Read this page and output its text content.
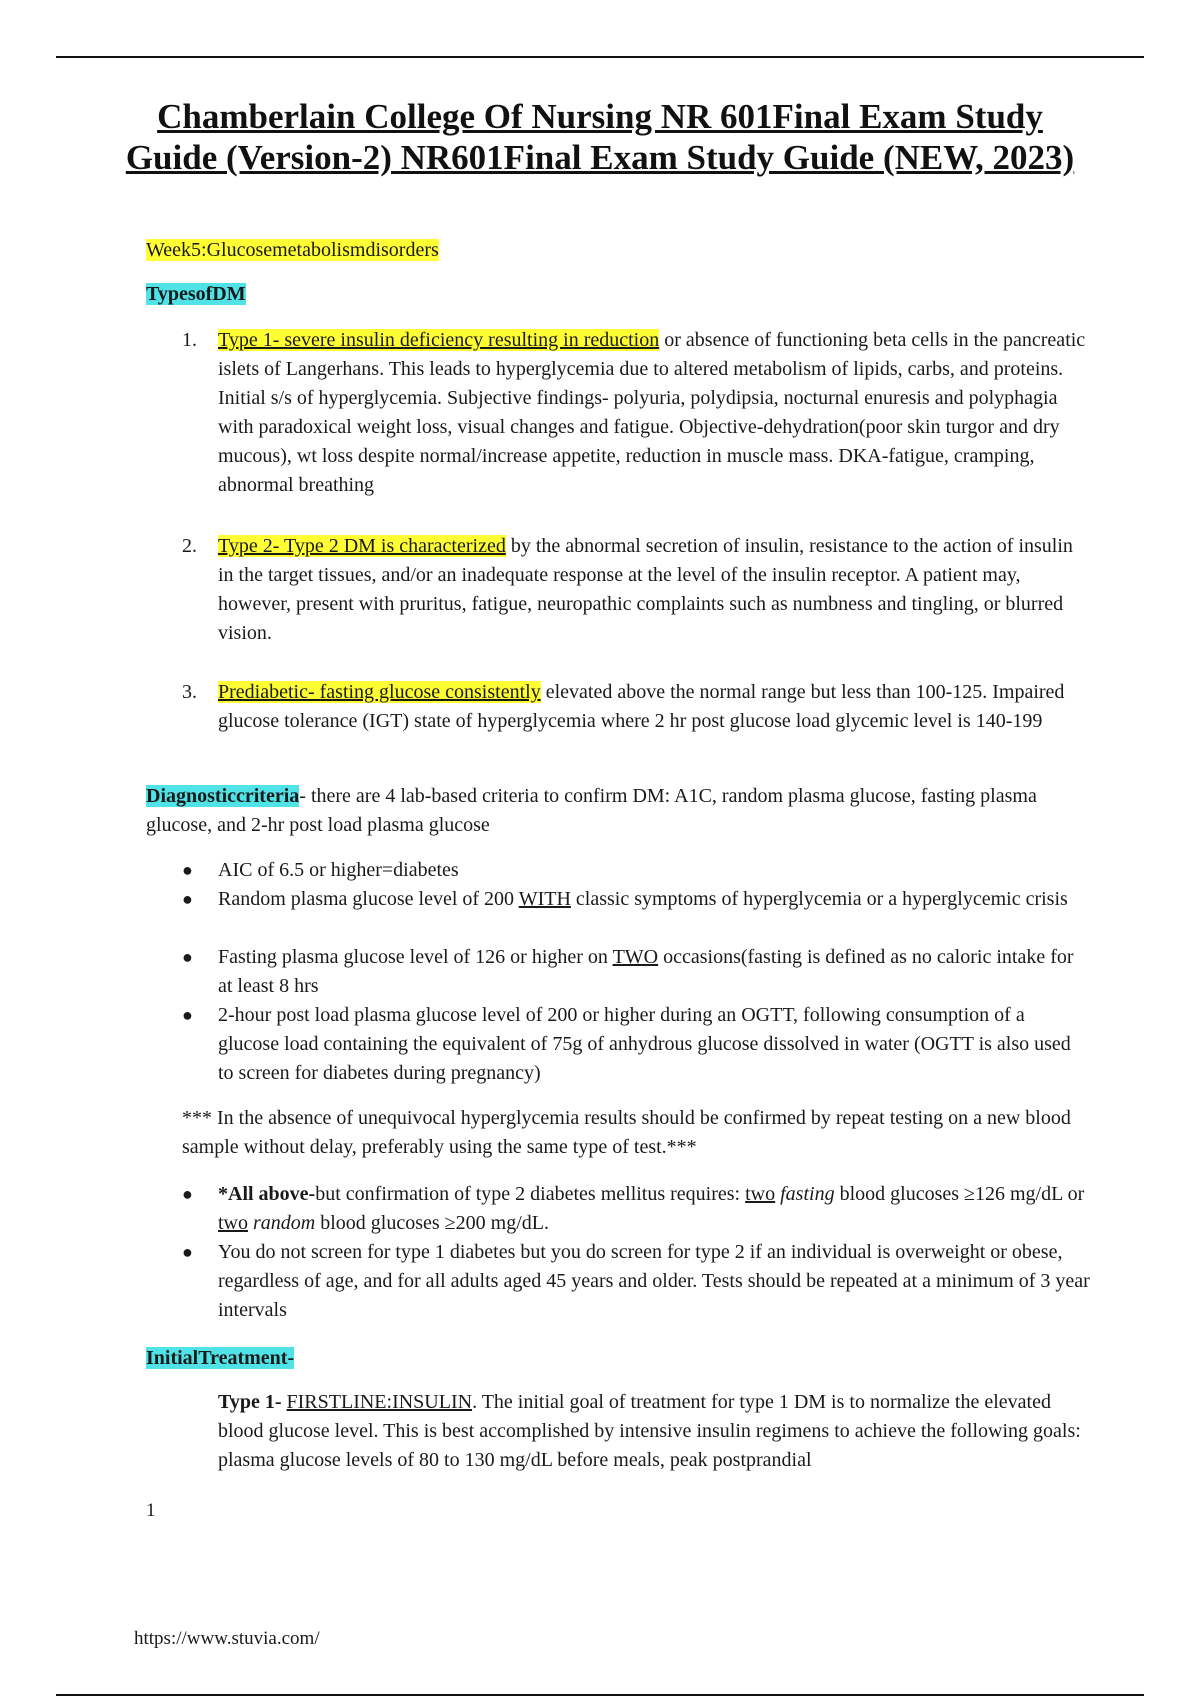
Chamberlain College Of Nursing NR 601Final Exam Study Guide (Version-2) NR601Final Exam Study Guide (NEW, 2023)
Week5:Glucosemetabolismdisorders
TypesofDM
1. Type 1- severe insulin deficiency resulting in reduction or absence of functioning beta cells in the pancreatic islets of Langerhans. This leads to hyperglycemia due to altered metabolism of lipids, carbs, and proteins. Initial s/s of hyperglycemia. Subjective findings- polyuria, polydipsia, nocturnal enuresis and polyphagia with paradoxical weight loss, visual changes and fatigue. Objective-dehydration(poor skin turgor and dry mucous), wt loss despite normal/increase appetite, reduction in muscle mass. DKA-fatigue, cramping, abnormal breathing
2. Type 2- Type 2 DM is characterized by the abnormal secretion of insulin, resistance to the action of insulin in the target tissues, and/or an inadequate response at the level of the insulin receptor. A patient may, however, present with pruritus, fatigue, neuropathic complaints such as numbness and tingling, or blurred vision.
3. Prediabetic- fasting glucose consistently elevated above the normal range but less than 100-125. Impaired glucose tolerance (IGT) state of hyperglycemia where 2 hr post glucose load glycemic level is 140-199
Diagnosticcriteria- there are 4 lab-based criteria to confirm DM: A1C, random plasma glucose, fasting plasma glucose, and 2-hr post load plasma glucose
● AIC of 6.5 or higher=diabetes
● Random plasma glucose level of 200 WITH classic symptoms of hyperglycemia or a hyperglycemic crisis
● Fasting plasma glucose level of 126 or higher on TWO occasions(fasting is defined as no caloric intake for at least 8 hrs
● 2-hour post load plasma glucose level of 200 or higher during an OGTT, following consumption of a glucose load containing the equivalent of 75g of anhydrous glucose dissolved in water (OGTT is also used to screen for diabetes during pregnancy)
*** In the absence of unequivocal hyperglycemia results should be confirmed by repeat testing on a new blood sample without delay, preferably using the same type of test.***
● *All above-but confirmation of type 2 diabetes mellitus requires: two fasting blood glucoses ≥126 mg/dL or two random blood glucoses ≥200 mg/dL.
● You do not screen for type 1 diabetes but you do screen for type 2 if an individual is overweight or obese, regardless of age, and for all adults aged 45 years and older. Tests should be repeated at a minimum of 3 year intervals
InitialTreatment-
Type 1- FIRSTLINE:INSULIN. The initial goal of treatment for type 1 DM is to normalize the elevated blood glucose level. This is best accomplished by intensive insulin regimens to achieve the following goals: plasma glucose levels of 80 to 130 mg/dL before meals, peak postprandial
1
https://www.stuvia.com/
